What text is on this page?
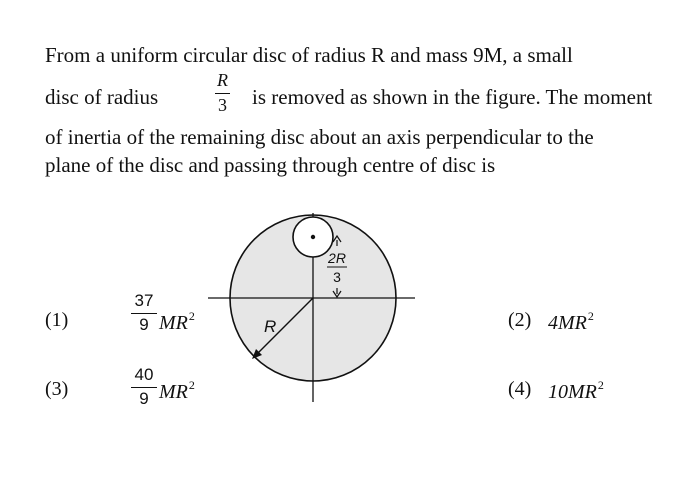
From a uniform circular disc of radius R and mass 9M, a small
disc of radius
R
3 is removed as shown in the figure. The moment
of inertia of the remaining disc about an axis perpendicular to the
plane of the disc and passing through centre of disc is
R
2R
3
(1)
37
9 $MR^2$	(2) $4MR^2$
(3)
40
9 $MR^2$	(4) $10MR^2$
